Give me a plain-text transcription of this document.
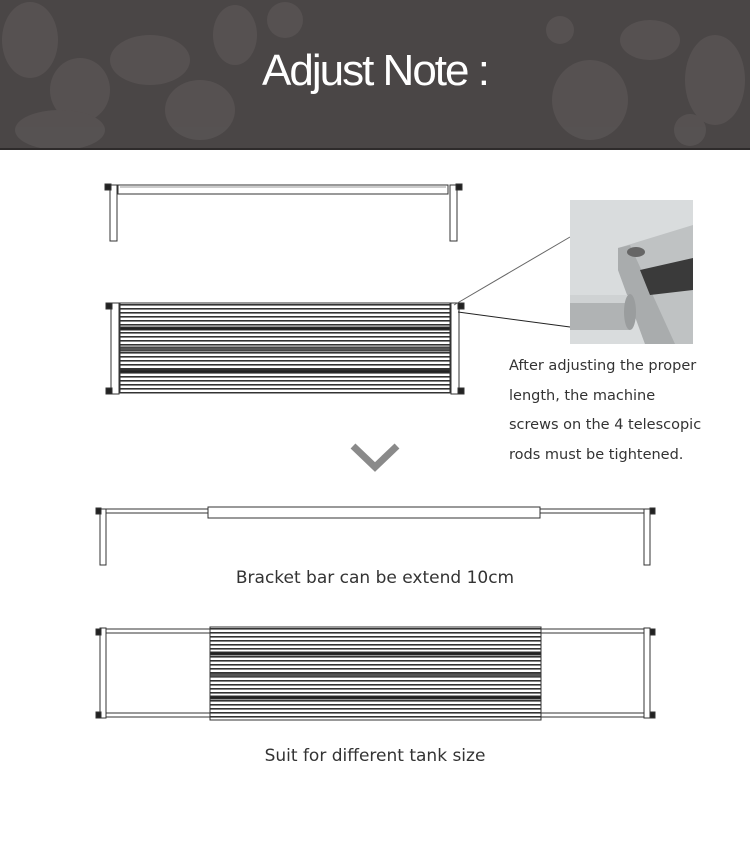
Adjust Note :
After adjusting the proper
length, the machine
screws on the 4 telescopic
rods must be tightened.
Bracket bar can be extend 10cm
Suit for different tank size
